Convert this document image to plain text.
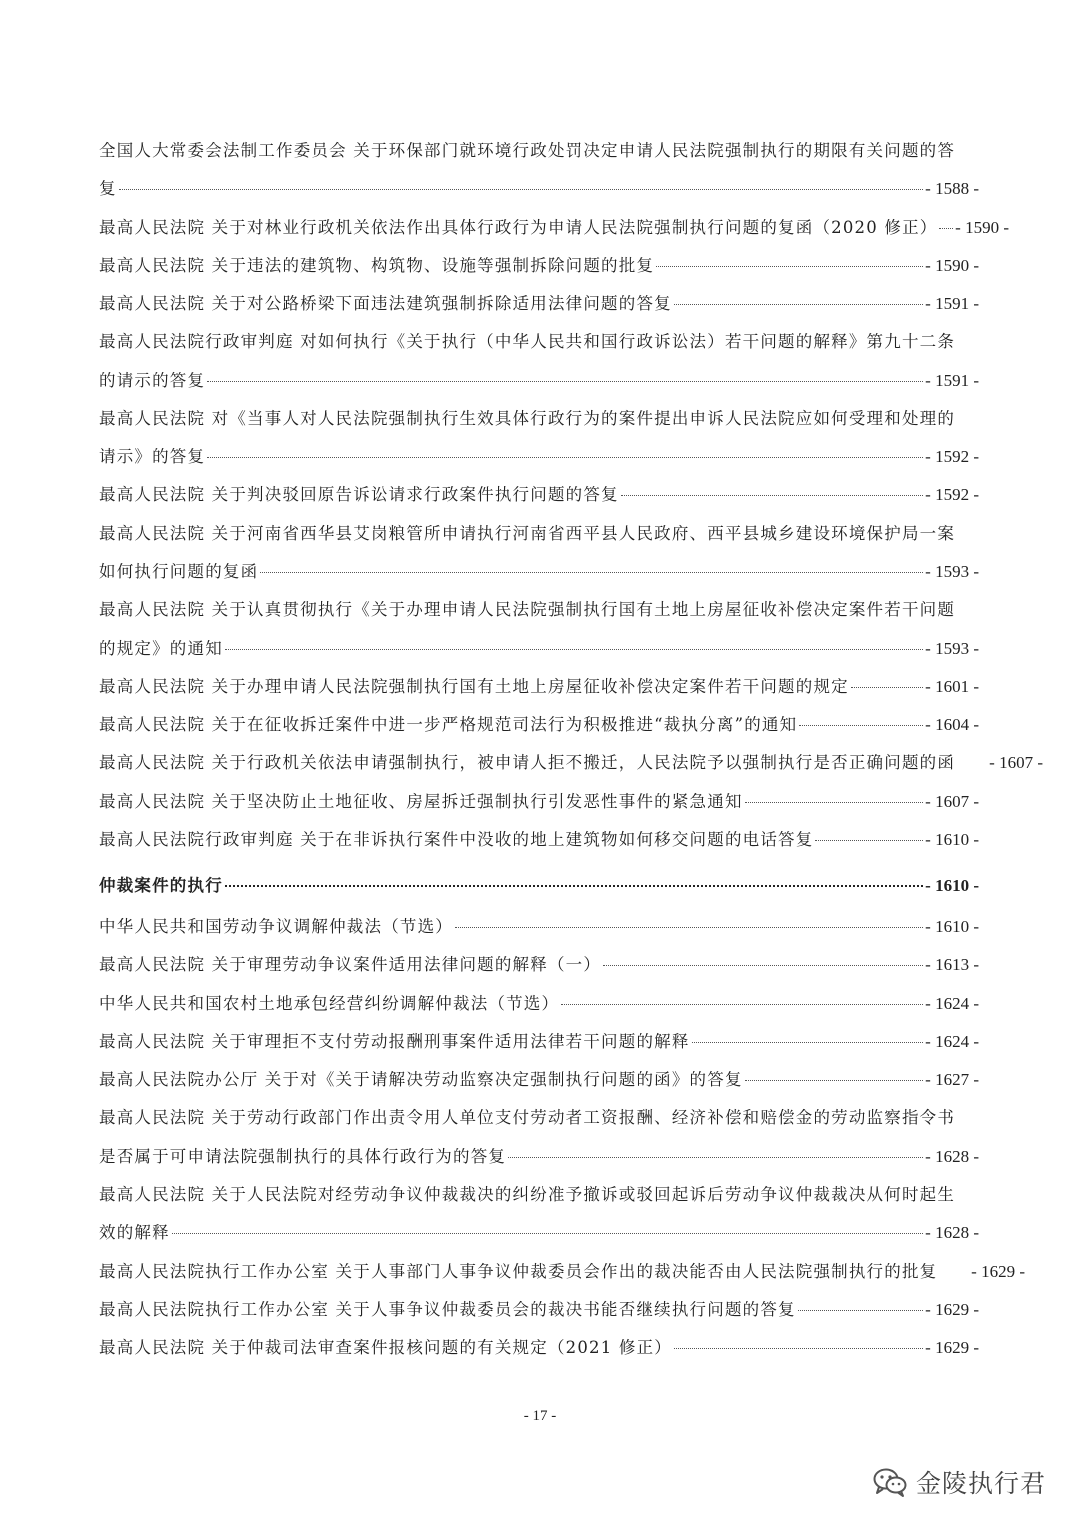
全国人大常委会法制工作委员会 关于环保部门就环境行政处罚决定申请人民法院强制执行的期限有关问题的答
复	- 1588 -
最高人民法院 关于对林业行政机关依法作出具体行政行为申请人民法院强制执行问题的复函（2020 修正） - 1590 -
最高人民法院 关于违法的建筑物、构筑物、设施等强制拆除问题的批复	- 1590 -
最高人民法院 关于对公路桥梁下面违法建筑强制拆除适用法律问题的答复	- 1591 -
最高人民法院行政审判庭 对如何执行《关于执行（中华人民共和国行政诉讼法）若干问题的解释》第九十二条
的请示的答复	- 1591 -
最高人民法院 对《当事人对人民法院强制执行生效具体行政行为的案件提出申诉人民法院应如何受理和处理的
请示》的答复	- 1592 -
最高人民法院 关于判决驳回原告诉讼请求行政案件执行问题的答复	- 1592 -
最高人民法院 关于河南省西华县艾岗粮管所申请执行河南省西平县人民政府、西平县城乡建设环境保护局一案
如何执行问题的复函	- 1593 -
最高人民法院 关于认真贯彻执行《关于办理申请人民法院强制执行国有土地上房屋征收补偿决定案件若干问题
的规定》的通知	- 1593 -
最高人民法院 关于办理申请人民法院强制执行国有土地上房屋征收补偿决定案件若干问题的规定	- 1601 -
最高人民法院 关于在征收拆迁案件中进一步严格规范司法行为积极推进“裁执分离”的通知	- 1604 -
最高人民法院 关于行政机关依法申请强制执行，被申请人拒不搬迁，人民法院予以强制执行是否正确问题的函 - 1607 -
最高人民法院 关于坚决防止土地征收、房屋拆迁强制执行引发恶性事件的紧急通知	- 1607 -
最高人民法院行政审判庭 关于在非诉执行案件中没收的地上建筑物如何移交问题的电话答复	- 1610 -
仲裁案件的执行	- 1610 -
中华人民共和国劳动争议调解仲裁法（节选）	- 1610 -
最高人民法院 关于审理劳动争议案件适用法律问题的解释（一）	- 1613 -
中华人民共和国农村土地承包经营纠纷调解仲裁法（节选）	- 1624 -
最高人民法院 关于审理拒不支付劳动报酬刑事案件适用法律若干问题的解释	- 1624 -
最高人民法院办公厅 关于对《关于请解决劳动监察决定强制执行问题的函》的答复	- 1627 -
最高人民法院 关于劳动行政部门作出责令用人单位支付劳动者工资报酬、经济补偿和赔偿金的劳动监察指令书
是否属于可申请法院强制执行的具体行政行为的答复	- 1628 -
最高人民法院 关于人民法院对经劳动争议仲裁裁决的纠纷准予撤诉或驳回起诉后劳动争议仲裁裁决从何时起生
效的解释	- 1628 -
最高人民法院执行工作办公室 关于人事部门人事争议仲裁委员会作出的裁决能否由人民法院强制执行的批复 - 1629 -
最高人民法院执行工作办公室 关于人事争议仲裁委员会的裁决书能否继续执行问题的答复	- 1629 -
最高人民法院 关于仲裁司法审查案件报核问题的有关规定（2021 修正）	- 1629 -
- 17 -
金陵执行君
